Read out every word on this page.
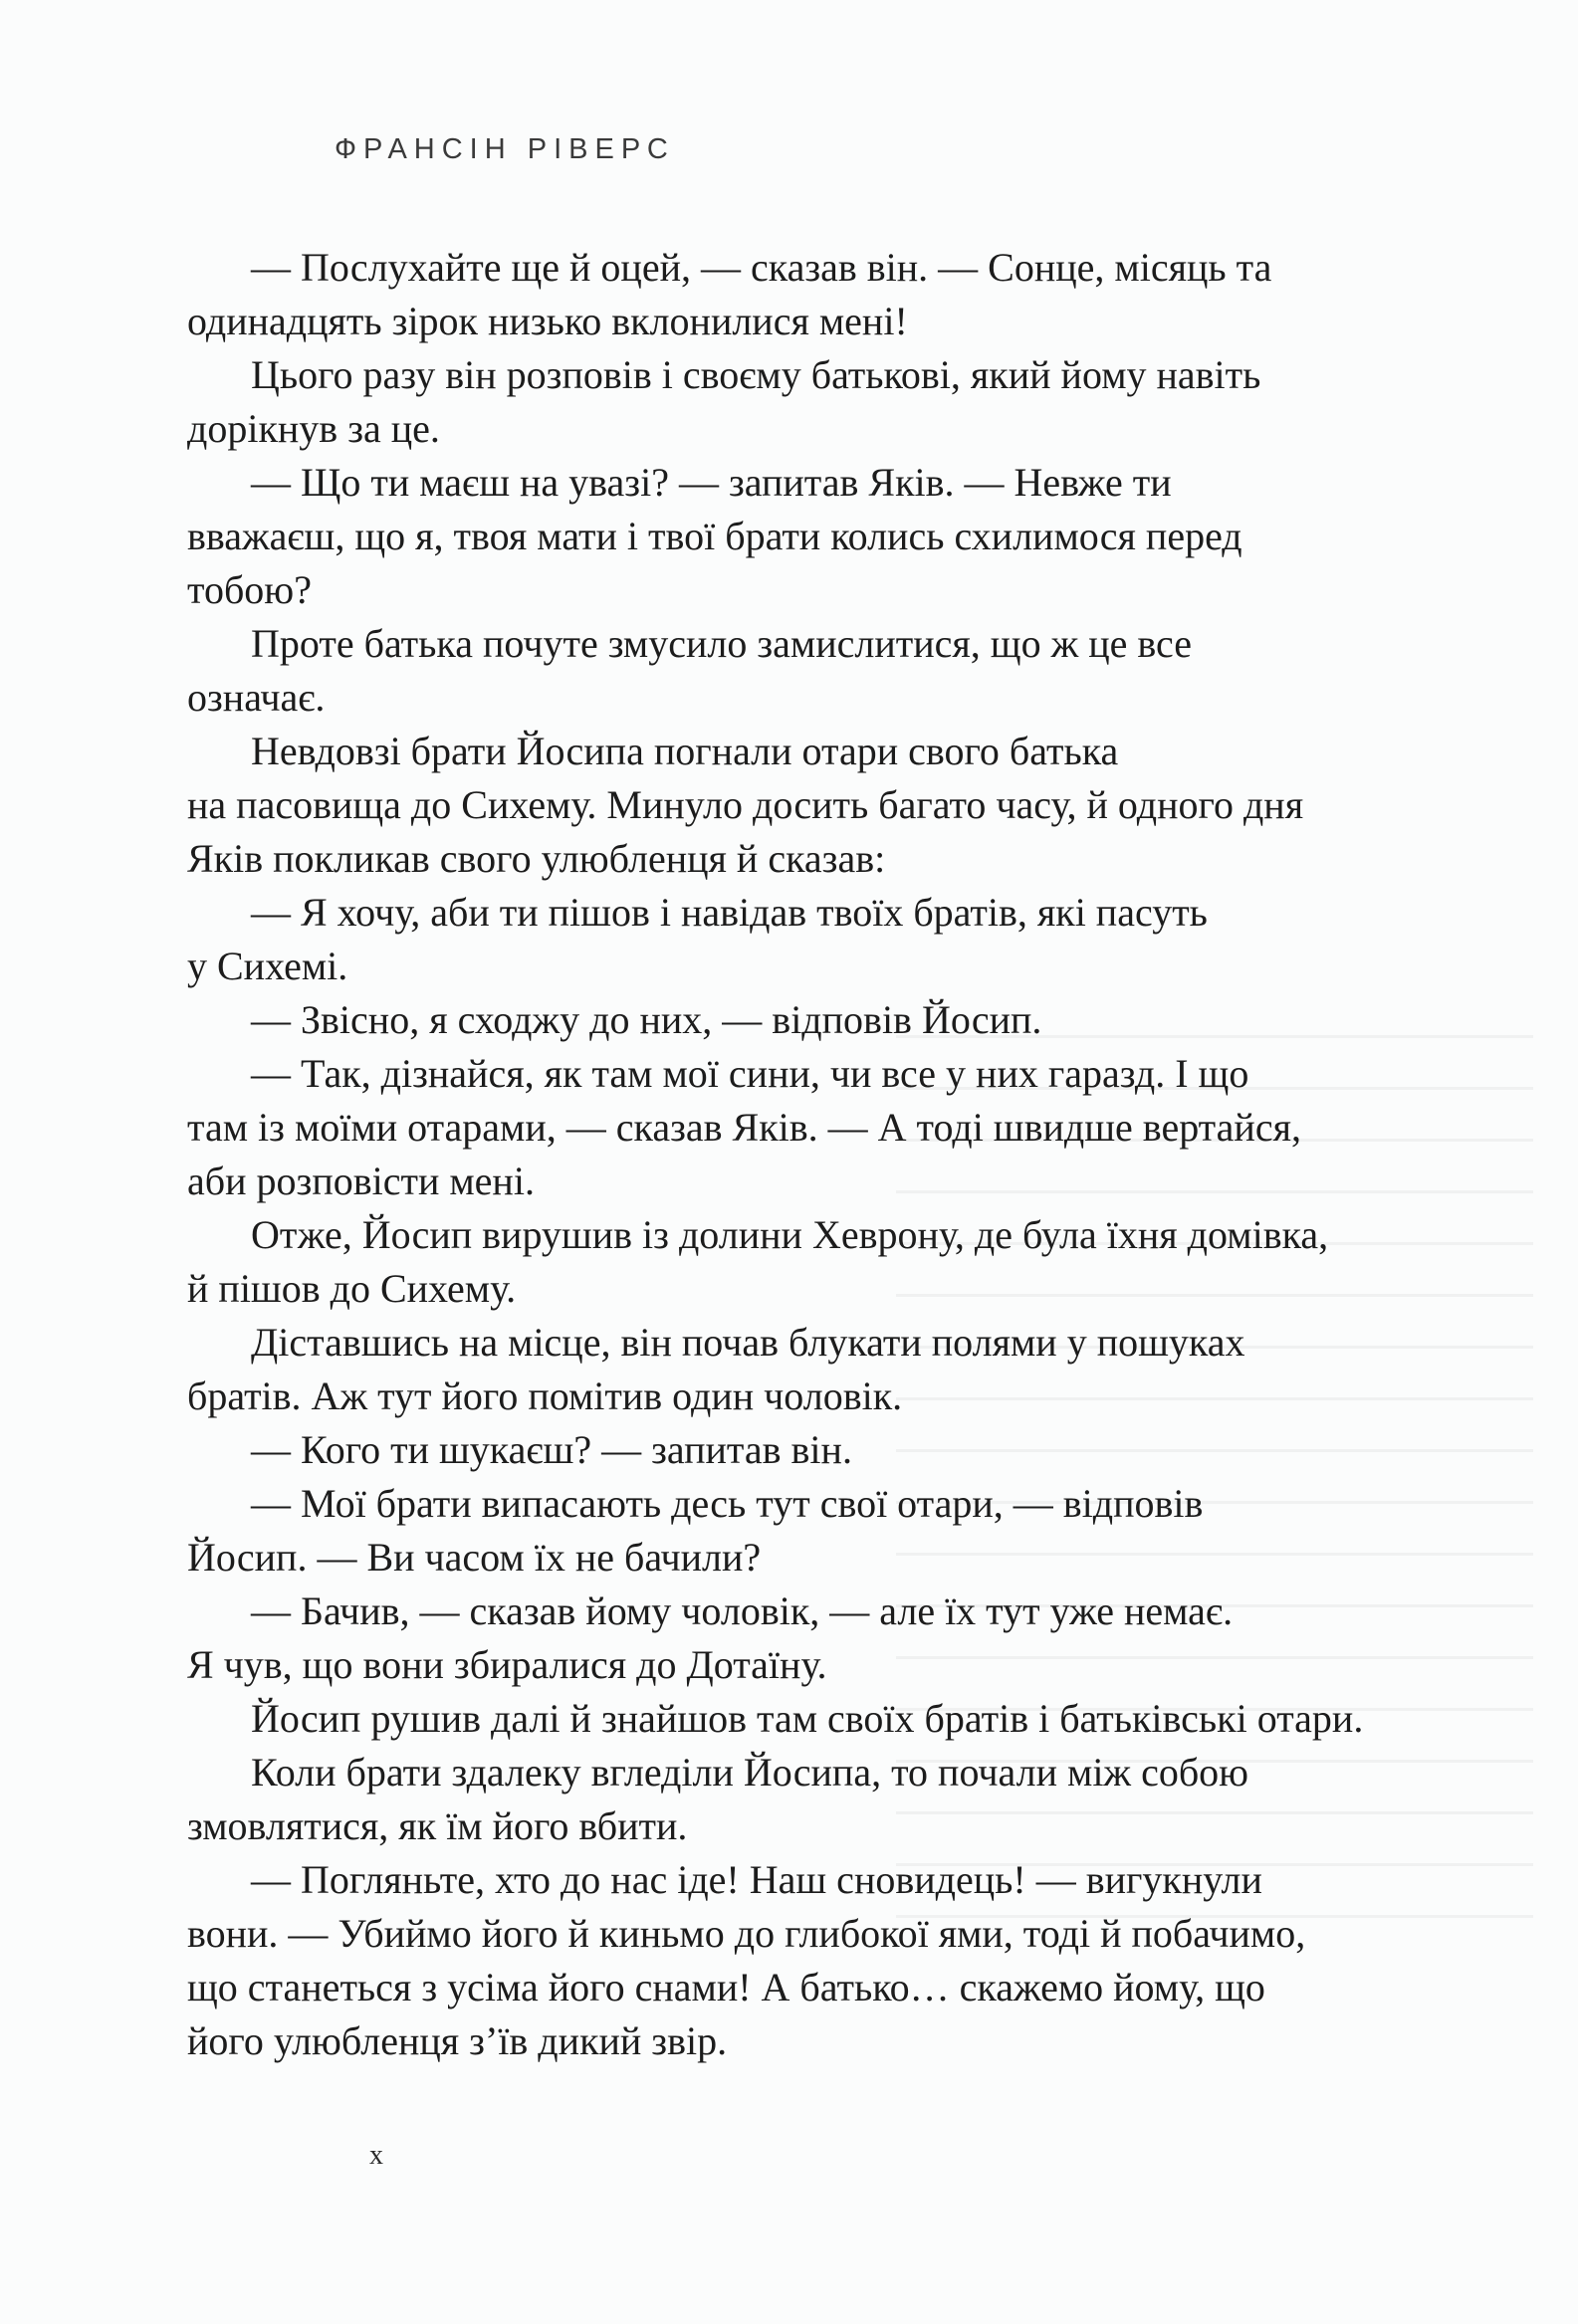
ФРАНСІН РІВЕРС

— Послухайте ще й оцей, — сказав він. — Сонце, місяць та
одинадцять зірок низько вклонилися мені!

Цього разу він розповів і своєму батькові, який йому навіть
дорікнув за це.

— Що ти маєш на увазі? — запитав Яків. — Невже ти
вважаєш, що я, твоя мати і твої брати колись схилимося перед
тобою?

Проте батька почуте змусило замислитися, що ж це все
означає.

Невдовзі брати Йосипа погнали отари свого батька
на пасовища до Сихему. Минуло досить багато часу, й одного дня
Яків покликав свого улюбленця й сказав:

— Я хочу, аби ти пішов і навідав твоїх братів, які пасуть
у Сихемі.

— Звісно, я сходжу до них, — відповів Йосип.

— Так, дізнайся, як там мої сини, чи все у них гаразд. І що
там із моїми отарами, — сказав Яків. — А тоді швидше вертайся,
аби розповісти мені.

Отже, Йосип вирушив із долини Хеврону, де була їхня домівка,
й пішов до Сихему.

Діставшись на місце, він почав блукати полями у пошуках
братів. Аж тут його помітив один чоловік.

— Кого ти шукаєш? — запитав він.

— Мої брати випасають десь тут свої отари, — відповів
Йосип. — Ви часом їх не бачили?

— Бачив, — сказав йому чоловік, — але їх тут уже немає.
Я чув, що вони збиралися до Дотаїну.

Йосип рушив далі й знайшов там своїх братів і батьківські отари.

Коли брати здалеку вгледіли Йосипа, то почали між собою
змовлятися, як їм його вбити.

— Погляньте, хто до нас іде! Наш сновидець! — вигукнули
вони. — Убиймо його й киньмо до глибокої ями, тоді й побачимо,
що станеться з усіма його снами! А батько… скажемо йому, що
його улюбленця з’їв дикий звір.

x
